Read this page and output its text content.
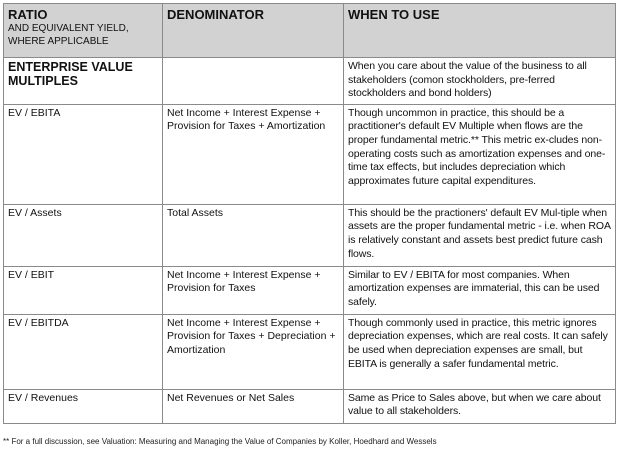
RATIO
AND EQUIVALENT YIELD, WHERE APPLICABLE	DENOMINATOR	WHEN TO USE
ENTERPRISE VALUE MULTIPLES		When you care about the value of the business to all stakeholders (comon stockholders, pre-ferred stockholders and bond holders)
EV / EBITA	Net Income + Interest Expense + Provision for Taxes + Amortization	Though uncommon in practice, this should be a practitioner's default EV Multiple when flows are the proper fundamental metric.** This metric ex-cludes non-operating costs such as amortization expenses and one-time tax effects, but includes depreciation which approximates future capital expenditures.
EV / Assets	Total Assets	This should be the practioners' default EV Mul-tiple when assets are the proper fundamental metric - i.e. when ROA is relatively constant and assets best predict future cash flows.
EV / EBIT	Net Income + Interest Expense + Provision for Taxes	Similar to EV / EBITA for most companies. When amortization expenses are immaterial, this can be used safely.
EV / EBITDA	Net Income + Interest Expense + Provision for Taxes + Depreciation + Amortization	Though commonly used in practice, this metric ignores depreciation expenses, which are real costs. It can safely be used when depreciation expenses are small, but EBITA is generally a safer fundamental metric.
EV / Revenues	Net Revenues or Net Sales	Same as Price to Sales above, but when we care about value to all stakeholders.
** For a full discussion, see Valuation: Measuring and Managing the Value of Companies by Koller, Hoedhard and Wessels
